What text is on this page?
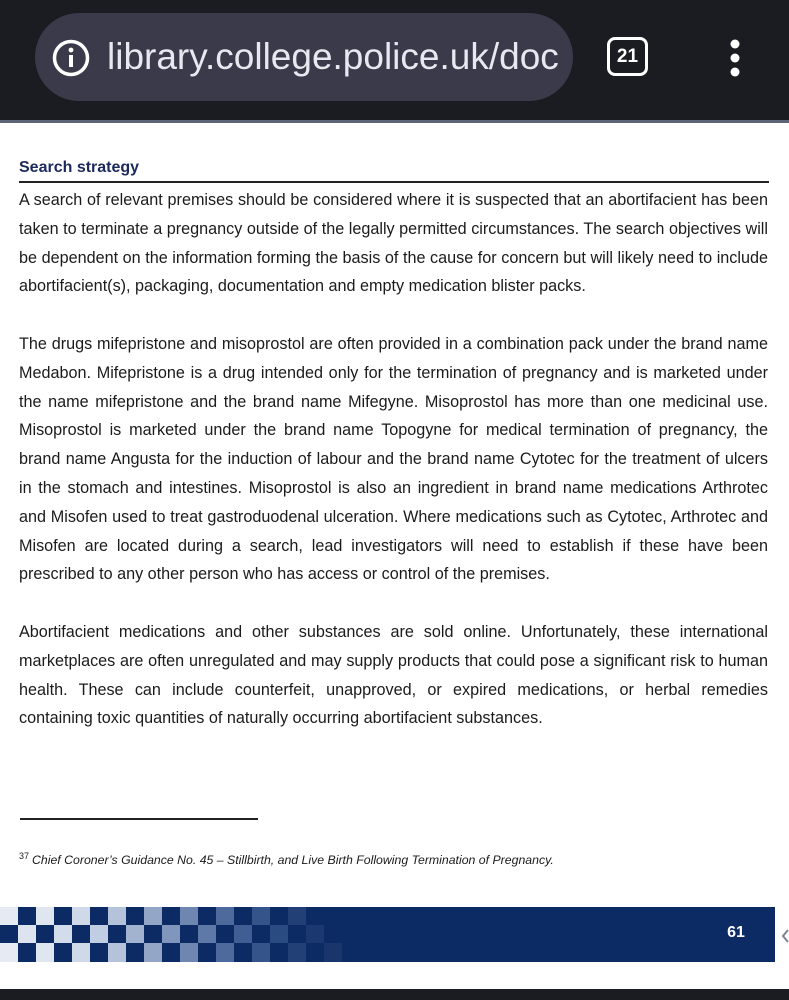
library.college.police.uk/doc	21
Search strategy

A search of relevant premises should be considered where it is suspected that an abortifacient has been taken to terminate a pregnancy outside of the legally permitted circumstances. The search objectives will be dependent on the information forming the basis of the cause for concern but will likely need to include abortifacient(s), packaging, documentation and empty medication blister packs.

The drugs mifepristone and misoprostol are often provided in a combination pack under the brand name Medabon. Mifepristone is a drug intended only for the termination of pregnancy and is marketed under the name mifepristone and the brand name Mifegyne. Misoprostol has more than one medicinal use. Misoprostol is marketed under the brand name Topogyne for medical termination of pregnancy, the brand name Angusta for the induction of labour and the brand name Cytotec for the treatment of ulcers in the stomach and intestines. Misoprostol is also an ingredient in brand name medications Arthrotec and Misofen used to treat gastroduodenal ulceration. Where medications such as Cytotec, Arthrotec and Misofen are located during a search, lead investigators will need to establish if these have been prescribed to any other person who has access or control of the premises.

Abortifacient medications and other substances are sold online. Unfortunately, these international marketplaces are often unregulated and may supply products that could pose a significant risk to human health. These can include counterfeit, unapproved, or expired medications, or herbal remedies containing toxic quantities of naturally occurring abortifacient substances.

$^{37}$ Chief Coroner’s Guidance No. 45 – Stillbirth, and Live Birth Following Termination of Pregnancy.
61
